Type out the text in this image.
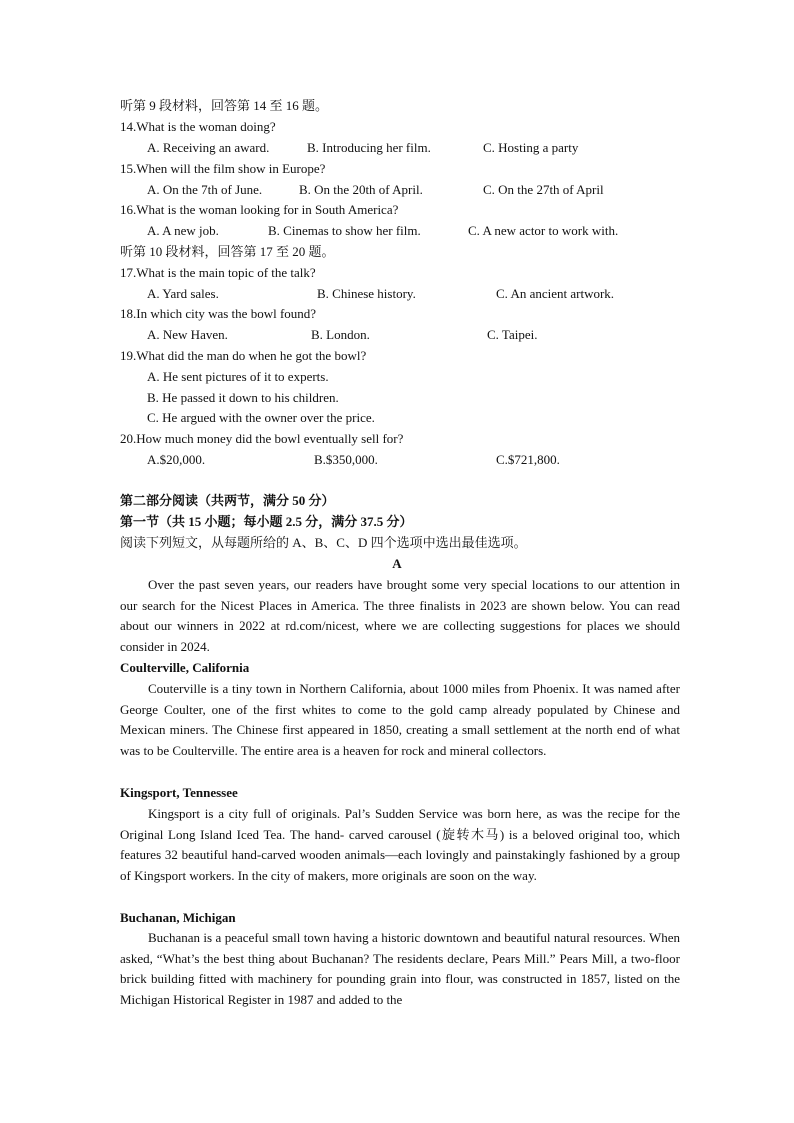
听第 9 段材料，回答第 14 至 16 题。
14.What is the woman doing?
A. Receiving an award.	B. Introducing her film.	C. Hosting a party
15.When will the film show in Europe?
A. On the 7th of June.	B. On the 20th of April.	C. On the 27th of April
16.What is the woman looking for in South America?
A. A new job.	B. Cinemas to show her film.	C. A new actor to work with.
听第 10 段材料，回答第 17 至 20 题。
17.What is the main topic of the talk?
A. Yard sales.	B. Chinese history.	C. An ancient artwork.
18.In which city was the bowl found?
A. New Haven.	B. London.	C. Taipei.
19.What did the man do when he got the bowl?
A. He sent pictures of it to experts.
B. He passed it down to his children.
C. He argued with the owner over the price.
20.How much money did the bowl eventually sell for?
A.$20,000.	B.$350,000.	C.$721,800.
第二部分阅读（共两节，满分 50 分）
第一节（共 15 小题；每小题 2.5 分，满分 37.5 分）
阅读下列短文，从每题所给的 A、B、C、D 四个选项中选出最佳选项。
A

Over the past seven years, our readers have brought some very special locations to our attention in our search for the Nicest Places in America. The three finalists in 2023 are shown below. You can read about our winners in 2022 at rd.com/nicest, where we are collecting suggestions for places we should consider in 2024.

Coulterville, California

Couterville is a tiny town in Northern California, about 1000 miles from Phoenix. It was named after George Coulter, one of the first whites to come to the gold camp already populated by Chinese and Mexican miners. The Chinese first appeared in 1850, creating a small settlement at the north end of what was to be Coulterville. The entire area is a heaven for rock and mineral collectors.

Kingsport, Tennessee

Kingsport is a city full of originals. Pal’s Sudden Service was born here, as was the recipe for the Original Long Island Iced Tea. The hand- carved carousel (旋转木马) is a beloved original too, which features 32 beautiful hand-carved wooden animals—each lovingly and painstakingly fashioned by a group of Kingsport workers. In the city of makers, more originals are soon on the way.

Buchanan, Michigan

Buchanan is a peaceful small town having a historic downtown and beautiful natural resources. When asked, “What’s the best thing about Buchanan? The residents declare, Pears Mill.” Pears Mill, a two-floor brick building fitted with machinery for pounding grain into flour, was constructed in 1857, listed on the Michigan Historical Register in 1987 and added to the
